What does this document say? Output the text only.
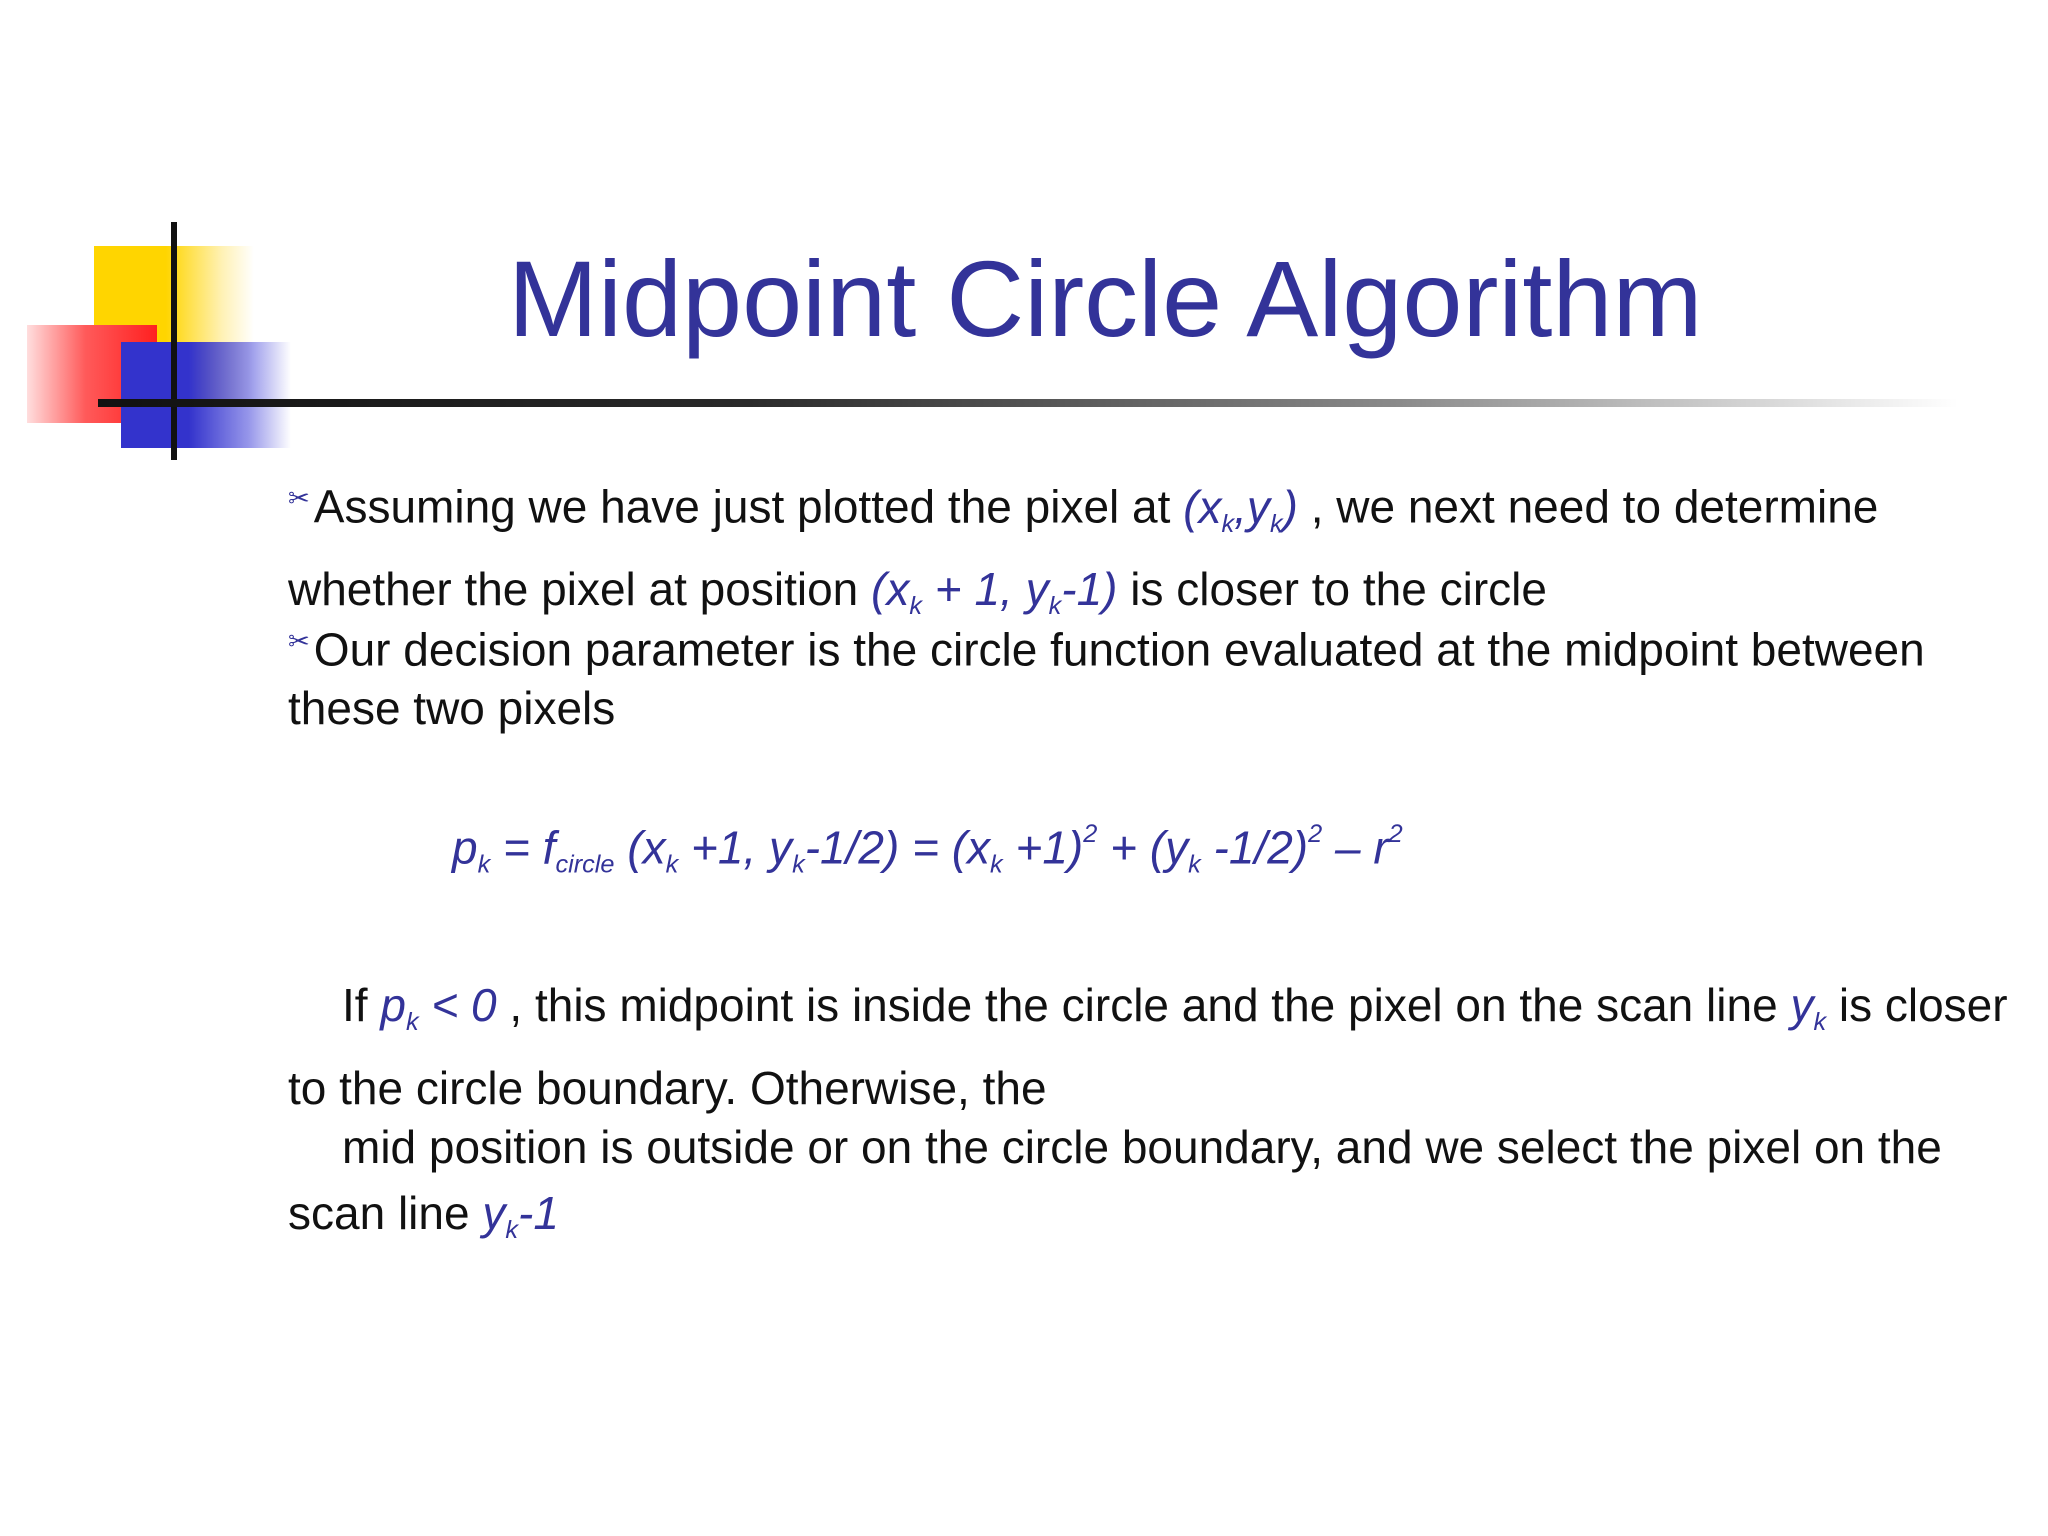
Midpoint Circle Algorithm
✂Assuming we have just plotted the pixel at $(x_k,y_k)$ , we next need to determine whether the pixel at position ($x_k + 1$, $y_k-1$) is closer to the circle
✂Our decision parameter is the circle function evaluated at the midpoint between these two pixels
$p_k = f_{circle}$ ($x_k +1$, $y_k-1/2) = (x_k +1)^2 + (y_k$ $-1/2)^2 - r^2$
If $p_k < 0$ , this midpoint is inside the circle and the pixel on the scan line $y_k$ is closer to the circle boundary. Otherwise, the
mid position is outside or on the circle boundary, and we select the pixel on the scan line $y_k-1$
